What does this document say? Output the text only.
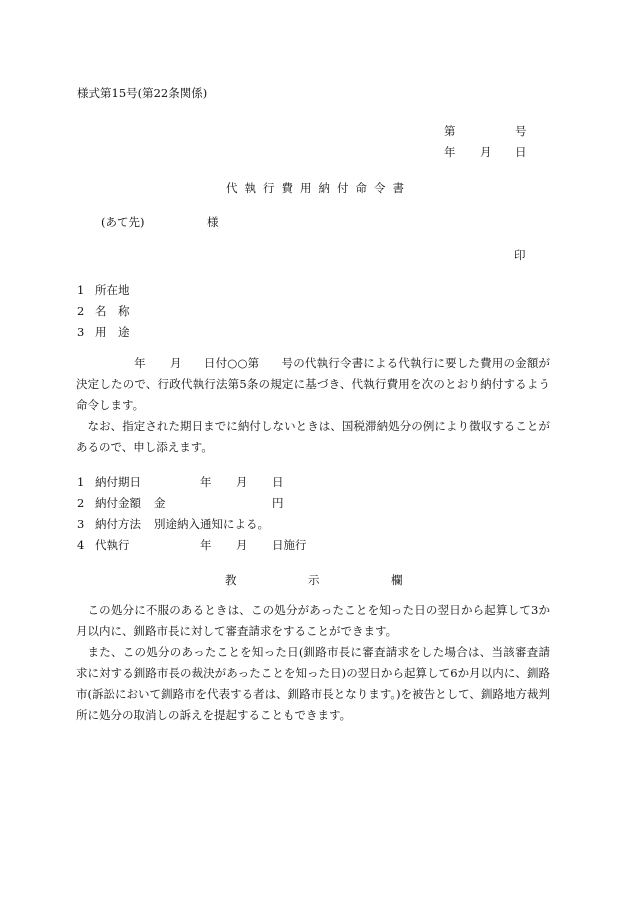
様式第15号(第22条関係)
第	号
年 月 日
代執行費用納付命令書
(あて先)	様
印
1 所在地
2 名　称
3 用　途

年 月 日付○○第 号の代執行令書による代執行に要した費用の金額が決定したので、行政代執行法第5条の規定に基づき、代執行費用を次のとおり納付するよう命令します。

なお、指定された期日までに納付しないときは、国税滞納処分の例により徴収することがあるので、申し添えます。

1 納付期日	年 月 日
2 納付金額 金	円
3 納付方法 別途納入通知による。
4 代執行	年 月 日施行
教	示	欄

この処分に不服のあるときは、この処分があったことを知った日の翌日から起算して3か月以内に、釧路市長に対して審査請求をすることができます。

また、この処分のあったことを知った日(釧路市長に審査請求をした場合は、当該審査請求に対する釧路市長の裁決があったことを知った日)の翌日から起算して6か月以内に、釧路市(訴訟において釧路市を代表する者は、釧路市長となります。)を被告として、釧路地方裁判所に処分の取消しの訴えを提起することもできます。
